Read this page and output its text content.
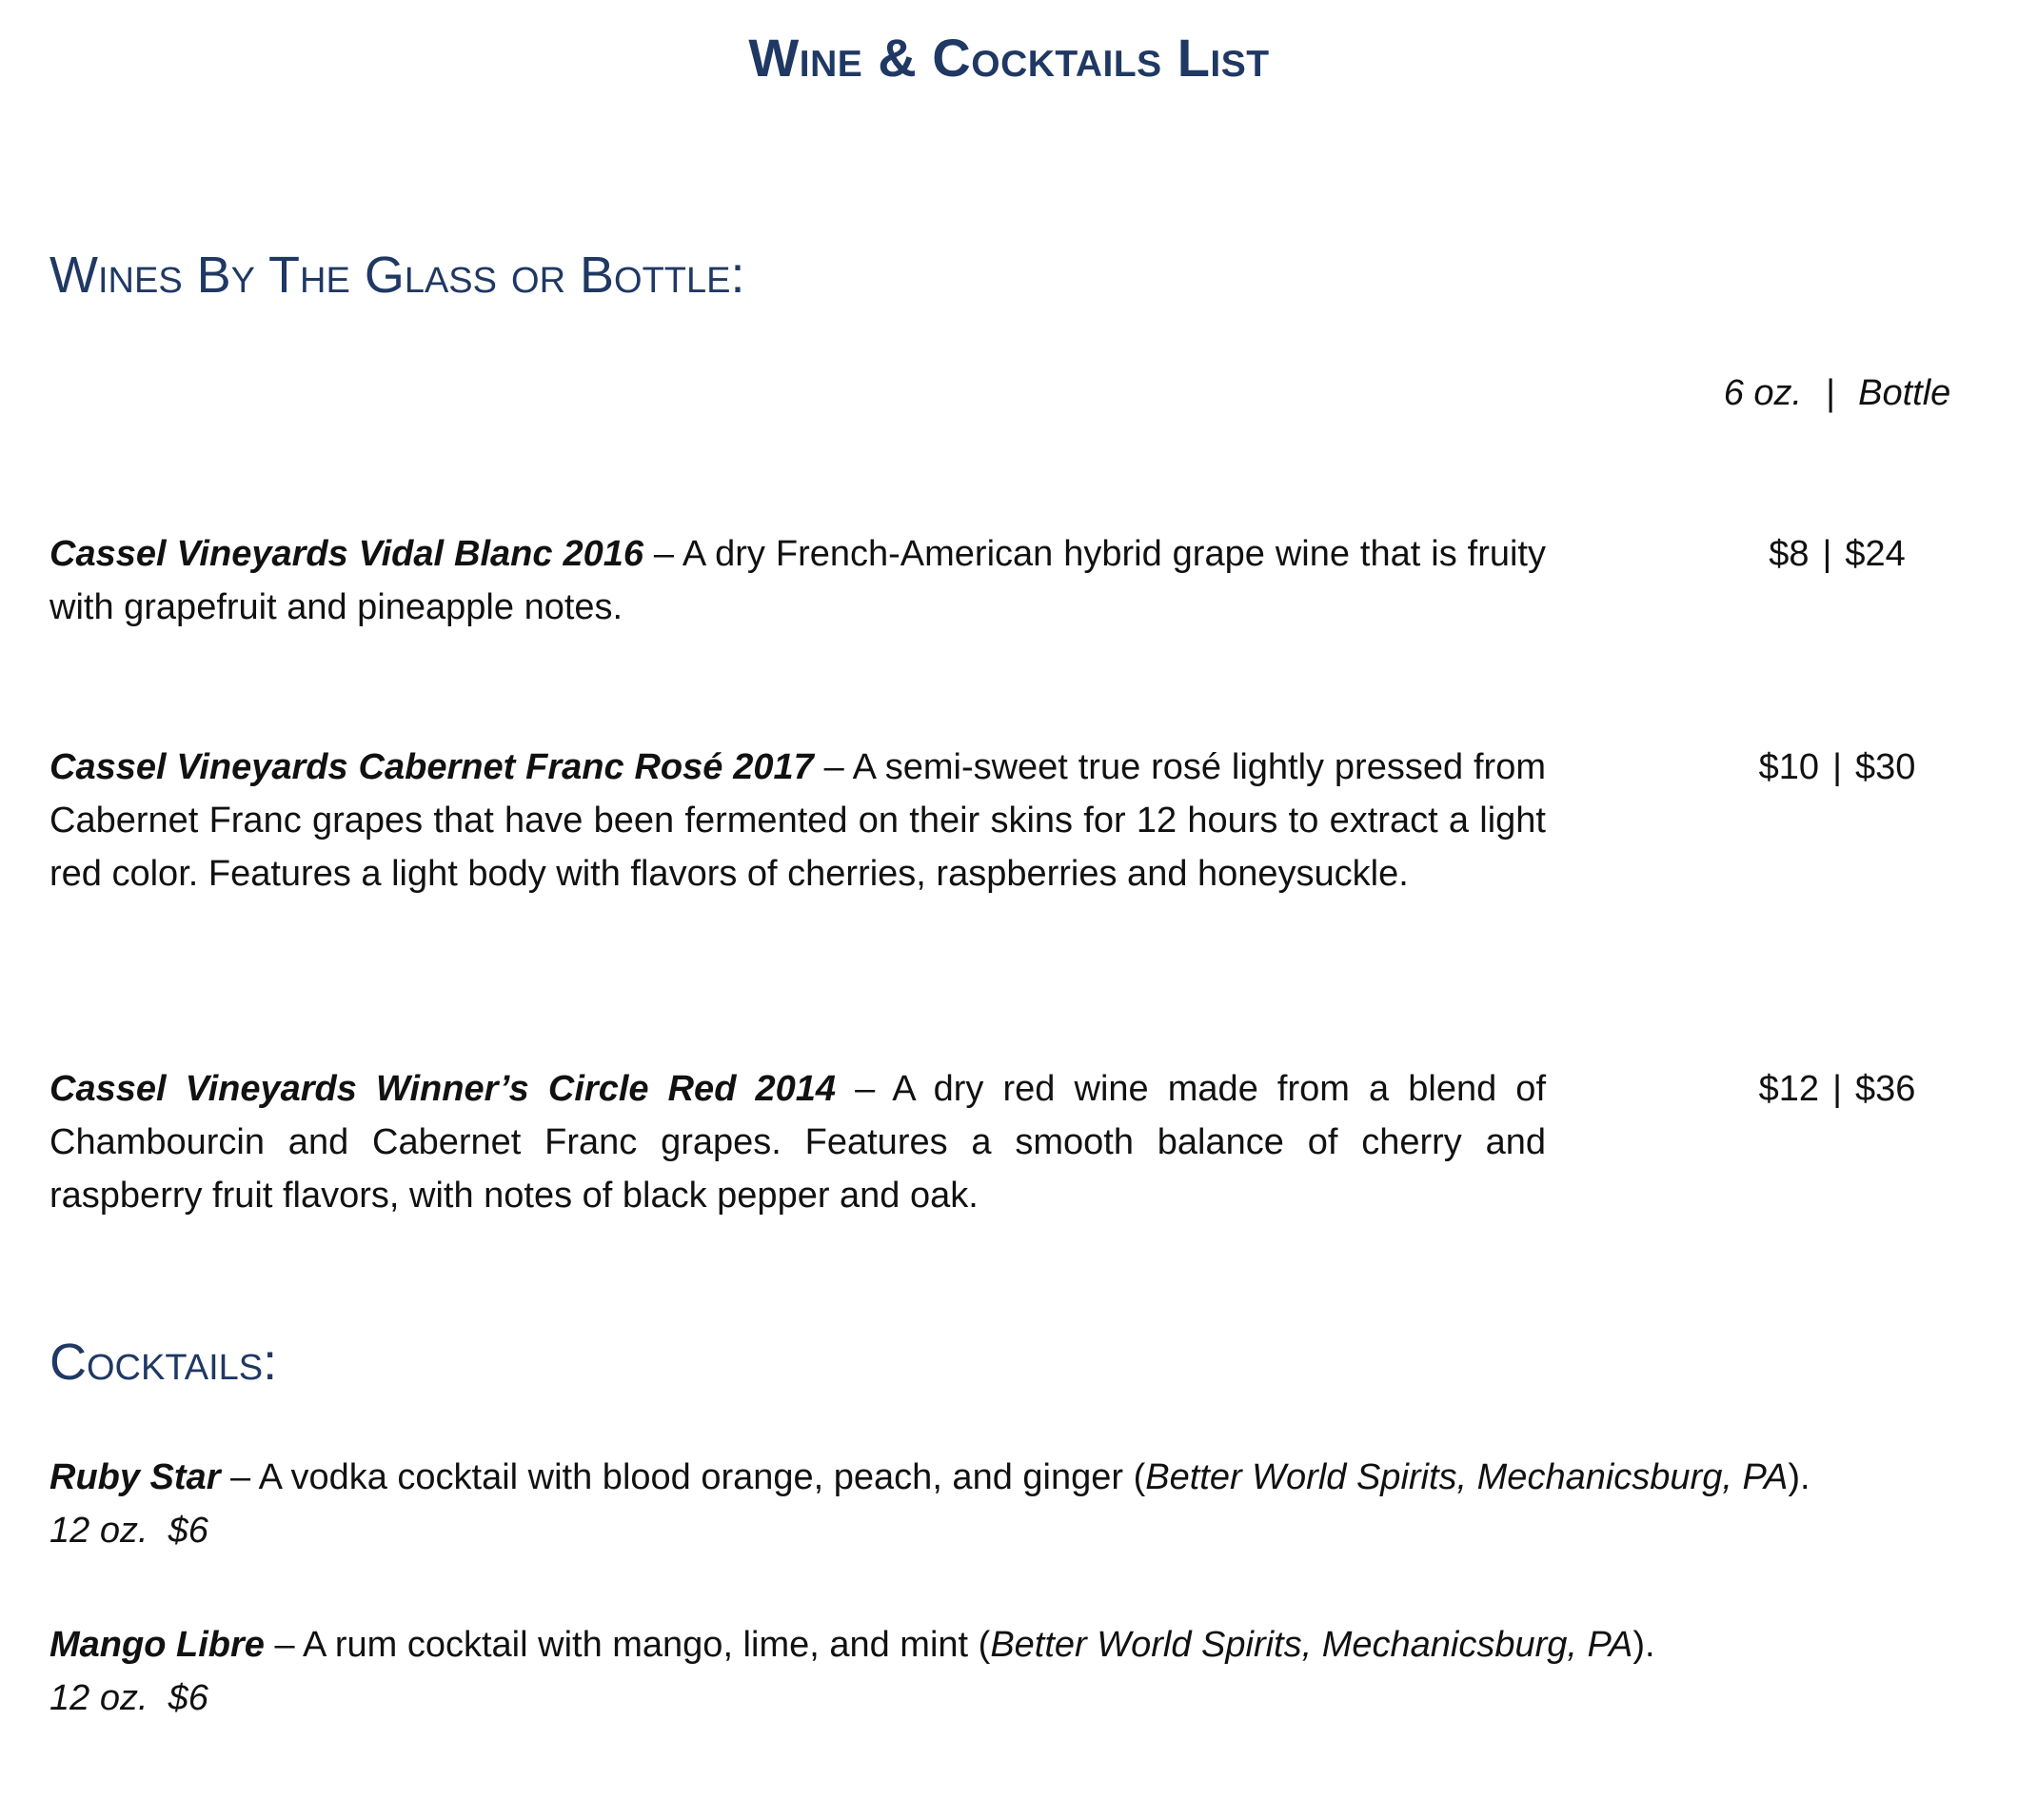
Wine & Cocktails List
Wines By The Glass or Bottle:
6 oz. | Bottle
Cassel Vineyards Vidal Blanc 2016 – A dry French-American hybrid grape wine that is fruity with grapefruit and pineapple notes.
$8 | $24
Cassel Vineyards Cabernet Franc Rosé 2017 – A semi-sweet true rosé lightly pressed from Cabernet Franc grapes that have been fermented on their skins for 12 hours to extract a light red color. Features a light body with flavors of cherries, raspberries and honeysuckle.
$10 | $30
Cassel Vineyards Winner’s Circle Red 2014 – A dry red wine made from a blend of Chambourcin and Cabernet Franc grapes. Features a smooth balance of cherry and raspberry fruit flavors, with notes of black pepper and oak.
$12 | $36
Cocktails:
Ruby Star – A vodka cocktail with blood orange, peach, and ginger (Better World Spirits, Mechanicsburg, PA).
12 oz.  $6
Mango Libre – A rum cocktail with mango, lime, and mint (Better World Spirits, Mechanicsburg, PA).
12 oz.  $6
